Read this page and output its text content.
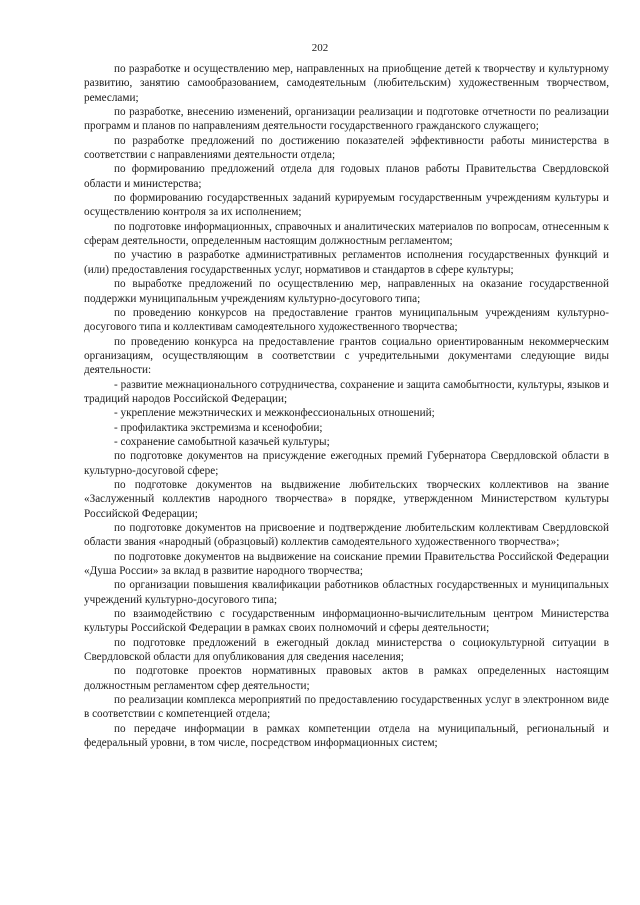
202

по разработке и осуществлению мер, направленных на приобщение детей к творчеству и культурному развитию, занятию самообразованием, самодеятельным (любительским) художественным творчеством, ремеслами;

по разработке, внесению изменений, организации реализации и подготовке отчетности по реализации программ и планов по направлениям деятельности государственного гражданского служащего;

по разработке предложений по достижению показателей эффективности работы министерства в соответствии с направлениями деятельности отдела;

по формированию предложений отдела для годовых планов работы Правительства Свердловской области и министерства;

по формированию государственных заданий курируемым государственным учреждениям культуры и осуществлению контроля за их исполнением;

по подготовке информационных, справочных и аналитических материалов по вопросам, отнесенным к сферам деятельности, определенным настоящим должностным регламентом;

по участию в разработке административных регламентов исполнения государственных функций и (или) предоставления государственных услуг, нормативов и стандартов в сфере культуры;

по выработке предложений по осуществлению мер, направленных на оказание государственной поддержки муниципальным учреждениям культурно-досугового типа;

по проведению конкурсов на предоставление грантов муниципальным учреждениям культурно-досугового типа и коллективам самодеятельного художественного творчества;

по проведению конкурса на предоставление грантов социально ориентированным некоммерческим организациям, осуществляющим в соответствии с учредительными документами следующие виды деятельности:

- развитие межнационального сотрудничества, сохранение и защита самобытности, культуры, языков и традиций народов Российской Федерации;

- укрепление межэтнических и межконфессиональных отношений;

- профилактика экстремизма и ксенофобии;

- сохранение самобытной казачьей культуры;

по подготовке документов на присуждение ежегодных премий Губернатора Свердловской области в культурно-досуговой сфере;

по подготовке документов на выдвижение любительских творческих коллективов на звание «Заслуженный коллектив народного творчества» в порядке, утвержденном Министерством культуры Российской Федерации;

по подготовке документов на присвоение и подтверждение любительским коллективам Свердловской области звания «народный (образцовый) коллектив самодеятельного художественного творчества»;

по подготовке документов на выдвижение на соискание премии Правительства Российской Федерации «Душа России» за вклад в развитие народного творчества;

по организации повышения квалификации работников областных государственных и муниципальных учреждений культурно-досугового типа;

по взаимодействию с государственным информационно-вычислительным центром Министерства культуры Российской Федерации в рамках своих полномочий и сферы деятельности;

по подготовке предложений в ежегодный доклад министерства о социокультурной ситуации в Свердловской области для опубликования для сведения населения;

по подготовке проектов нормативных правовых актов в рамках определенных настоящим должностным регламентом сфер деятельности;

по реализации комплекса мероприятий по предоставлению государственных услуг в электронном виде в соответствии с компетенцией отдела;

по передаче информации в рамках компетенции отдела на муниципальный, региональный и федеральный уровни, в том числе, посредством информационных систем;
